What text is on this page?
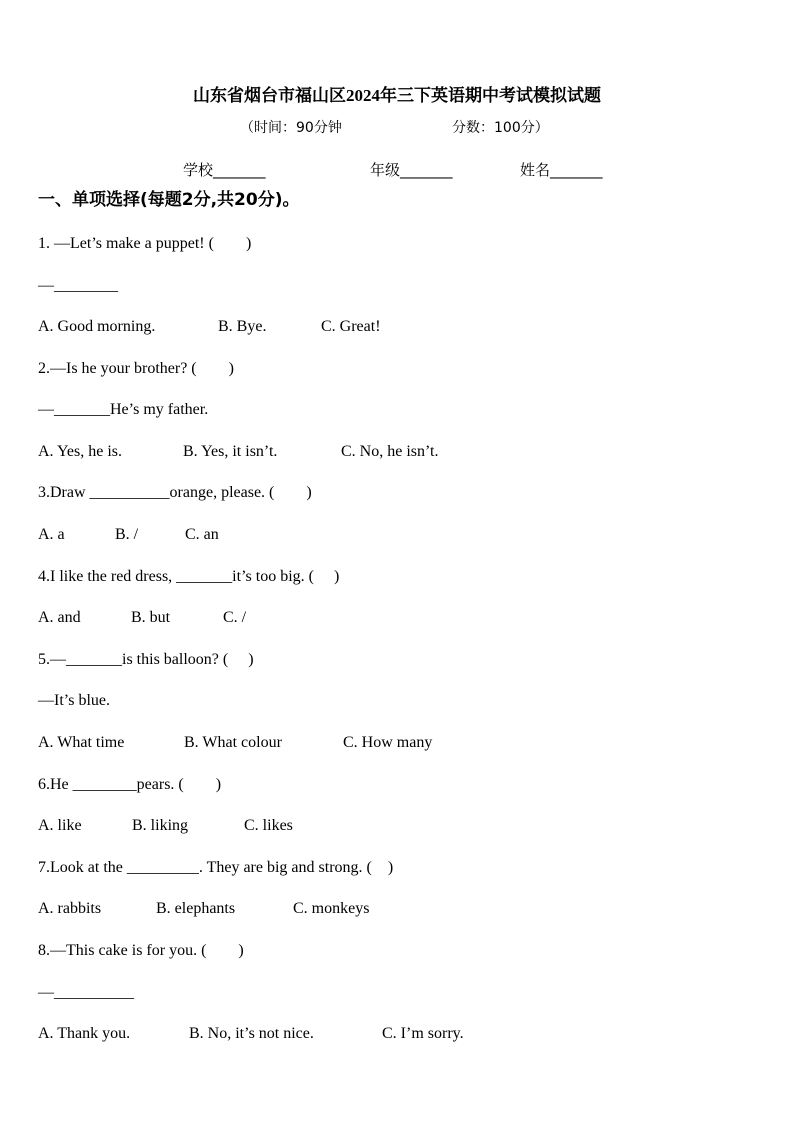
山东省烟台市福山区2024年三下英语期中考试模拟试题
（时间：90分钟	分数：100分）
学校_______	年级_______	姓名_______
一、单项选择(每题2分,共20分)。
1. —Let’s make a puppet! (　　)
—________
A. Good morning.	B. Bye.	C. Great!
2.—Is he your brother? (　　)
—_______He’s my father.
A. Yes, he is.	B. Yes, it isn’t.	C. No, he isn’t.
3.Draw __________orange, please. (　　)
A. a	B. /	C. an
4.I like the red dress, _______it’s too big. (　 )
A. and	B. but	C. /
5.—_______is this balloon? (　 )
—It’s blue.
A. What time	B. What colour	C. How many
6.He ________pears. (　　)
A. like	B. liking	C. likes
7.Look at the _________. They are big and strong. (　)
A. rabbits	B. elephants	C. monkeys
8.—This cake is for you. (　　)
—__________
A. Thank you.	B. No, it’s not nice.	C. I’m sorry.
